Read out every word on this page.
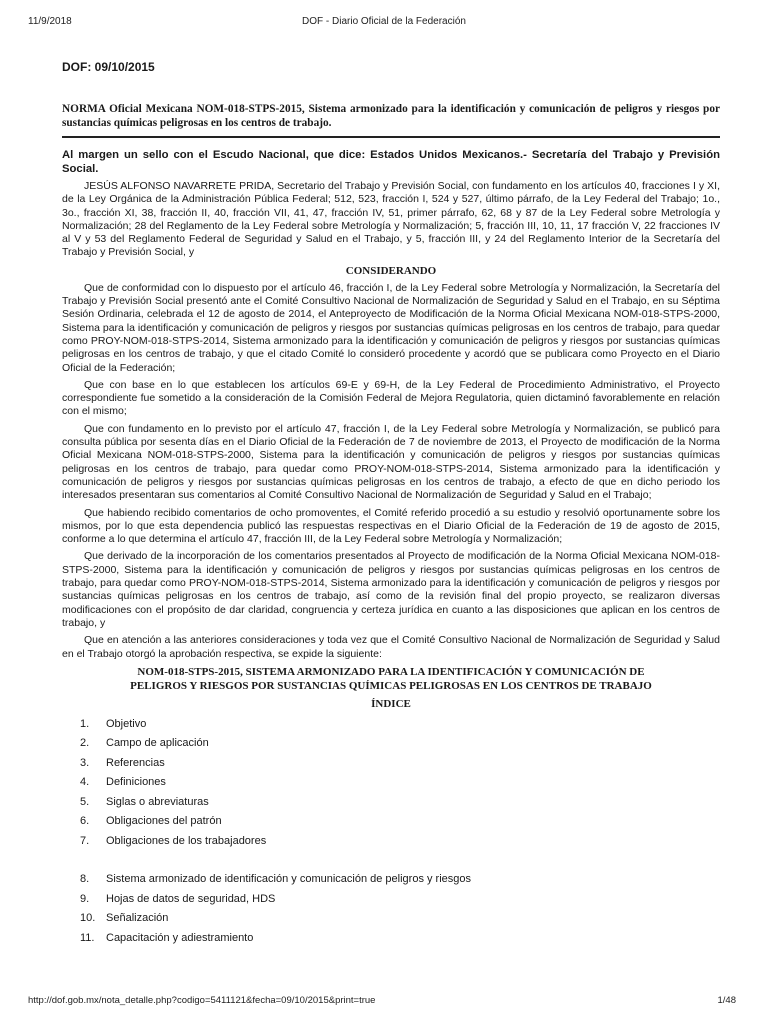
11/9/2018	DOF - Diario Oficial de la Federación
DOF: 09/10/2015
NORMA Oficial Mexicana NOM-018-STPS-2015, Sistema armonizado para la identificación y comunicación de peligros y riesgos por sustancias químicas peligrosas en los centros de trabajo.
Al margen un sello con el Escudo Nacional, que dice: Estados Unidos Mexicanos.- Secretaría del Trabajo y Previsión Social.

JESÚS ALFONSO NAVARRETE PRIDA, Secretario del Trabajo y Previsión Social, con fundamento en los artículos 40, fracciones I y XI, de la Ley Orgánica de la Administración Pública Federal; 512, 523, fracción I, 524 y 527, último párrafo, de la Ley Federal del Trabajo; 1o., 3o., fracción XI, 38, fracción II, 40, fracción VII, 41, 47, fracción IV, 51, primer párrafo, 62, 68 y 87 de la Ley Federal sobre Metrología y Normalización; 28 del Reglamento de la Ley Federal sobre Metrología y Normalización; 5, fracción III, 10, 11, 17 fracción V, 22 fracciones IV al V y 53 del Reglamento Federal de Seguridad y Salud en el Trabajo, y 5, fracción III, y 24 del Reglamento Interior de la Secretaría del Trabajo y Previsión Social, y

CONSIDERANDO

Que de conformidad con lo dispuesto por el artículo 46, fracción I, de la Ley Federal sobre Metrología y Normalización, la Secretaría del Trabajo y Previsión Social presentó ante el Comité Consultivo Nacional de Normalización de Seguridad y Salud en el Trabajo, en su Séptima Sesión Ordinaria, celebrada el 12 de agosto de 2014, el Anteproyecto de Modificación de la Norma Oficial Mexicana NOM-018-STPS-2000, Sistema para la identificación y comunicación de peligros y riesgos por sustancias químicas peligrosas en los centros de trabajo, para quedar como PROY-NOM-018-STPS-2014, Sistema armonizado para la identificación y comunicación de peligros y riesgos por sustancias químicas peligrosas en los centros de trabajo, y que el citado Comité lo consideró procedente y acordó que se publicara como Proyecto en el Diario Oficial de la Federación;

Que con base en lo que establecen los artículos 69-E y 69-H, de la Ley Federal de Procedimiento Administrativo, el Proyecto correspondiente fue sometido a la consideración de la Comisión Federal de Mejora Regulatoria, quien dictaminó favorablemente en relación con el mismo;

Que con fundamento en lo previsto por el artículo 47, fracción I, de la Ley Federal sobre Metrología y Normalización, se publicó para consulta pública por sesenta días en el Diario Oficial de la Federación de 7 de noviembre de 2013, el Proyecto de modificación de la Norma Oficial Mexicana NOM-018-STPS-2000, Sistema para la identificación y comunicación de peligros y riesgos por sustancias químicas peligrosas en los centros de trabajo, para quedar como PROY-NOM-018-STPS-2014, Sistema armonizado para la identificación y comunicación de peligros y riesgos por sustancias químicas peligrosas en los centros de trabajo, a efecto de que en dicho periodo los interesados presentaran sus comentarios al Comité Consultivo Nacional de Normalización de Seguridad y Salud en el Trabajo;

Que habiendo recibido comentarios de ocho promoventes, el Comité referido procedió a su estudio y resolvió oportunamente sobre los mismos, por lo que esta dependencia publicó las respuestas respectivas en el Diario Oficial de la Federación de 19 de agosto de 2015, conforme a lo que determina el artículo 47, fracción III, de la Ley Federal sobre Metrología y Normalización;

Que derivado de la incorporación de los comentarios presentados al Proyecto de modificación de la Norma Oficial Mexicana NOM-018-STPS-2000, Sistema para la identificación y comunicación de peligros y riesgos por sustancias químicas peligrosas en los centros de trabajo, para quedar como PROY-NOM-018-STPS-2014, Sistema armonizado para la identificación y comunicación de peligros y riesgos por sustancias químicas peligrosas en los centros de trabajo, así como de la revisión final del propio proyecto, se realizaron diversas modificaciones con el propósito de dar claridad, congruencia y certeza jurídica en cuanto a las disposiciones que aplican en los centros de trabajo, y

Que en atención a las anteriores consideraciones y toda vez que el Comité Consultivo Nacional de Normalización de Seguridad y Salud en el Trabajo otorgó la aprobación respectiva, se expide la siguiente:

NOM-018-STPS-2015, SISTEMA ARMONIZADO PARA LA IDENTIFICACIÓN Y COMUNICACIÓN DE
PELIGROS Y RIESGOS POR SUSTANCIAS QUÍMICAS PELIGROSAS EN LOS CENTROS DE TRABAJO
ÍNDICE
1. Objetivo
2. Campo de aplicación
3. Referencias
4. Definiciones
5. Siglas o abreviaturas
6. Obligaciones del patrón
7. Obligaciones de los trabajadores
8. Sistema armonizado de identificación y comunicación de peligros y riesgos
9. Hojas de datos de seguridad, HDS
10. Señalización
11. Capacitación y adiestramiento
http://dof.gob.mx/nota_detalle.php?codigo=5411121&fecha=09/10/2015&print=true	1/48
